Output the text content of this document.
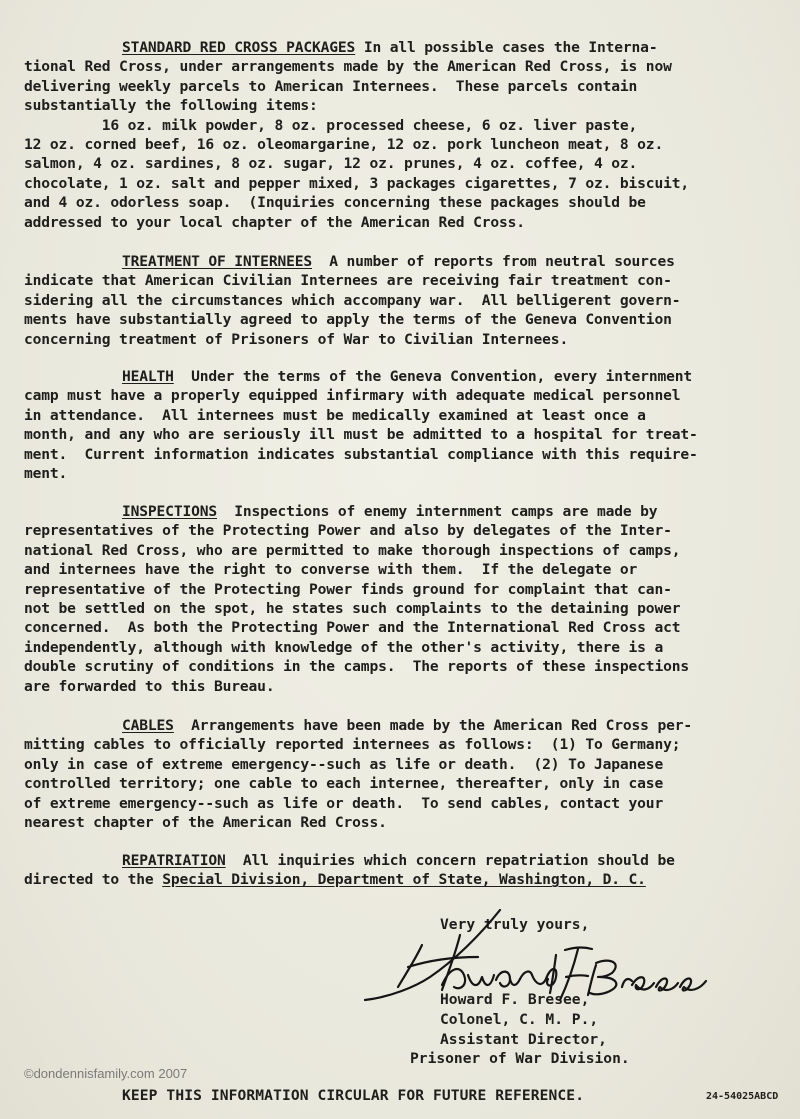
STANDARD RED CROSS PACKAGES In all possible cases the Interna-
tional Red Cross, under arrangements made by the American Red Cross, is now
delivering weekly parcels to American Internees.  These parcels contain
substantially the following items:
16 oz. milk powder, 8 oz. processed cheese, 6 oz. liver paste,
12 oz. corned beef, 16 oz. oleomargarine, 12 oz. pork luncheon meat, 8 oz.
salmon, 4 oz. sardines, 8 oz. sugar, 12 oz. prunes, 4 oz. coffee, 4 oz.
chocolate, 1 oz. salt and pepper mixed, 3 packages cigarettes, 7 oz. biscuit,
and 4 oz. odorless soap.  (Inquiries concerning these packages should be
addressed to your local chapter of the American Red Cross.
TREATMENT OF INTERNEES  A number of reports from neutral sources
indicate that American Civilian Internees are receiving fair treatment con-
sidering all the circumstances which accompany war.  All belligerent govern-
ments have substantially agreed to apply the terms of the Geneva Convention
concerning treatment of Prisoners of War to Civilian Internees.
HEALTH  Under the terms of the Geneva Convention, every internment
camp must have a properly equipped infirmary with adequate medical personnel
in attendance.  All internees must be medically examined at least once a
month, and any who are seriously ill must be admitted to a hospital for treat-
ment.  Current information indicates substantial compliance with this require-
ment.
INSPECTIONS  Inspections of enemy internment camps are made by
representatives of the Protecting Power and also by delegates of the Inter-
national Red Cross, who are permitted to make thorough inspections of camps,
and internees have the right to converse with them.  If the delegate or
representative of the Protecting Power finds ground for complaint that can-
not be settled on the spot, he states such complaints to the detaining power
concerned.  As both the Protecting Power and the International Red Cross act
independently, although with knowledge of the other's activity, there is a
double scrutiny of conditions in the camps.  The reports of these inspections
are forwarded to this Bureau.
CABLES  Arrangements have been made by the American Red Cross per-
mitting cables to officially reported internees as follows:  (1) To Germany;
only in case of extreme emergency--such as life or death.  (2) To Japanese
controlled territory; one cable to each internee, thereafter, only in case
of extreme emergency--such as life or death.  To send cables, contact your
nearest chapter of the American Red Cross.
REPATRIATION  All inquiries which concern repatriation should be
directed to the Special Division, Department of State, Washington, D. C.
Very truly yours,
Howard F. Bresee
Howard F. Bresee,
Colonel, C. M. P.,
Assistant Director,
Prisoner of War Division.
©dondennisfamily.com 2007
KEEP THIS INFORMATION CIRCULAR FOR FUTURE REFERENCE.	24-54025ABCD
